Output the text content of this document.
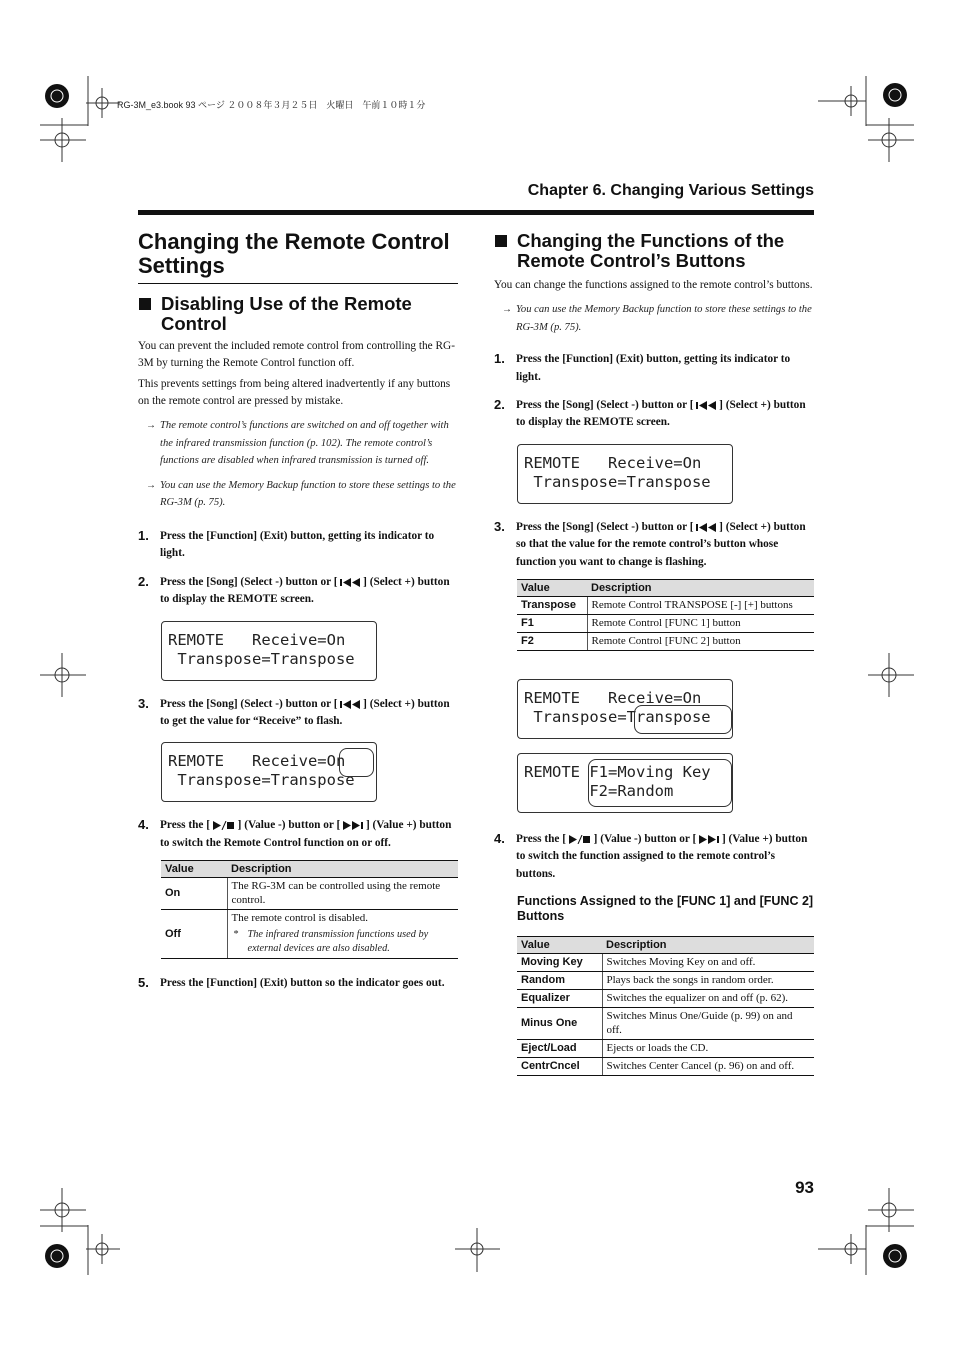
RG-3M_e3.book 93 ページ ２００８年３月２５日　火曜日　午前１０時１分
Chapter 6. Changing Various Settings
Changing the Remote Control Settings
Disabling Use of the Remote Control

You can prevent the included remote control from controlling the RG-3M by turning the Remote Control function off.

This prevents settings from being altered inadvertently if any buttons on the remote control are pressed by mistake.

→ The remote control’s functions are switched on and off together with the infrared transmission function (p. 102). The remote control’s functions are disabled when infrared transmission is turned off.
→ You can use the Memory Backup function to store these settings to the RG-3M (p. 75).
1. Press the [Function] (Exit) button, getting its indicator to light.
2. Press the [Song] (Select -) button or [ ] (Select +) button to display the REMOTE screen.
REMOTE   Receive=On
Transpose=Transpose
3. Press the [Song] (Select -) button or [ ] (Select +) button to get the value for “Receive” to flash.
REMOTE   Receive=On
Transpose=Transpose
4. Press the [ ] (Value -) button or [ ] (Value +) button to switch the Remote Control function on or off.
Value	Description
On	The RG-3M can be controlled using the remote control.
Off	The remote control is disabled.
* The infrared transmission functions used by external devices are also disabled.
5. Press the [Function] (Exit) button so the indicator goes out.
Changing the Functions of the Remote Control’s Buttons

You can change the functions assigned to the remote control’s buttons.

→ You can use the Memory Backup function to store these settings to the RG-3M (p. 75).
1. Press the [Function] (Exit) button, getting its indicator to light.
2. Press the [Song] (Select -) button or [ ] (Select +) button to display the REMOTE screen.
REMOTE   Receive=On
Transpose=Transpose
3. Press the [Song] (Select -) button or [ ] (Select +) button so that the value for the remote control’s button whose function you want to change is flashing.
Value	Description
Transpose	Remote Control TRANSPOSE [-] [+] buttons
F1	Remote Control [FUNC 1] button
F2	Remote Control [FUNC 2] button
REMOTE   Receive=On
Transpose=Transpose
REMOTE F1=Moving Key
F2=Random
4. Press the [ ] (Value -) button or [ ] (Value +) button to switch the function assigned to the remote control’s buttons.
Functions Assigned to the [FUNC 1] and [FUNC 2] Buttons
Value	Description
Moving Key	Switches Moving Key on and off.
Random	Plays back the songs in random order.
Equalizer	Switches the equalizer on and off (p. 62).
Minus One	Switches Minus One/Guide (p. 99) on and off.
Eject/Load	Ejects or loads the CD.
CentrCncel	Switches Center Cancel (p. 96) on and off.
93
